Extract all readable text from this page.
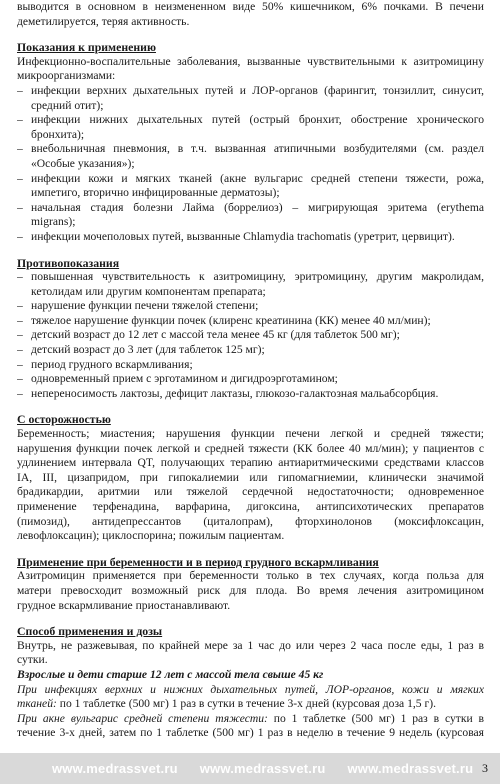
выводится в основном в неизмененном виде 50% кишечником, 6% почками. В печени
деметилируется, теряя активность.
Показания к применению
Инфекционно-воспалительные заболевания, вызванные чувствительными к азитромицину
микроорганизмами:
– инфекции верхних дыхательных путей и ЛОР-органов (фарингит, тонзиллит, синусит,
средний отит);
– инфекции нижних дыхательных путей (острый бронхит, обострение хронического
бронхита);
– внебольничная пневмония, в т.ч. вызванная атипичными возбудителями (см. раздел
«Особые указания»);
– инфекции кожи и мягких тканей (акне вульгарис средней степени тяжести, рожа,
импетиго, вторично инфицированные дерматозы);
– начальная стадия болезни Лайма (боррелиоз) – мигрирующая эритема (erythema
migrans);
– инфекции мочеполовых путей, вызванные Chlamydia trachomatis (уретрит, цервицит).
Противопоказания
– повышенная чувствительность к азитромицину, эритромицину, другим макролидам,
кетолидам или другим компонентам препарата;
– нарушение функции печени тяжелой степени;
– тяжелое нарушение функции почек (клиренс креатинина (КК) менее 40 мл/мин);
– детский возраст до 12 лет с массой тела менее 45 кг (для таблеток 500 мг);
– детский возраст до 3 лет (для таблеток 125 мг);
– период грудного вскармливания;
– одновременный прием с эрготамином и дигидроэрготамином;
– непереносимость лактозы, дефицит лактазы, глюкозо-галактозная мальабсорбция.
С осторожностью
Беременность; миастения; нарушения функции печени легкой и средней тяжести;
нарушения функции почек легкой и средней тяжести (КК более 40 мл/мин); у пациентов с
удлинением интервала QT, получающих терапию антиаритмическими средствами классов
IA, III, цизапридом, при гипокалиемии или гипомагниемии, клинически значимой
брадикардии, аритмии или тяжелой сердечной недостаточности; одновременное
применение терфенадина, варфарина, дигоксина, антипсихотических препаратов
(пимозид), антидепрессантов (циталопрам), фторхинолонов (моксифлоксацин,
левофлоксацин); циклоспорина; пожилым пациентам.
Применение при беременности и в период грудного вскармливания
Азитромицин применяется при беременности только в тех случаях, когда польза для
матери превосходит возможный риск для плода. Во время лечения азитромицином
грудное вскармливание приостанавливают.
Способ применения и дозы
Внутрь, не разжевывая, по крайней мере за 1 час до или через 2 часа после еды, 1 раз в
сутки.
Взрослые и дети старше 12 лет с массой тела свыше 45 кг
При инфекциях верхних и нижних дыхательных путей, ЛОР-органов, кожи и мягких
тканей: по 1 таблетке (500 мг) 1 раз в сутки в течение 3-х дней (курсовая доза 1,5 г).
При акне вульгарис средней степени тяжести: по 1 таблетке (500 мг) 1 раз в сутки в
течение 3-х дней, затем по 1 таблетке (500 мг) 1 раз в неделю в течение 9 недель (курсовая
www.medrassvet.ru www.medrassvet.ru www.medrassvet.ru 3
